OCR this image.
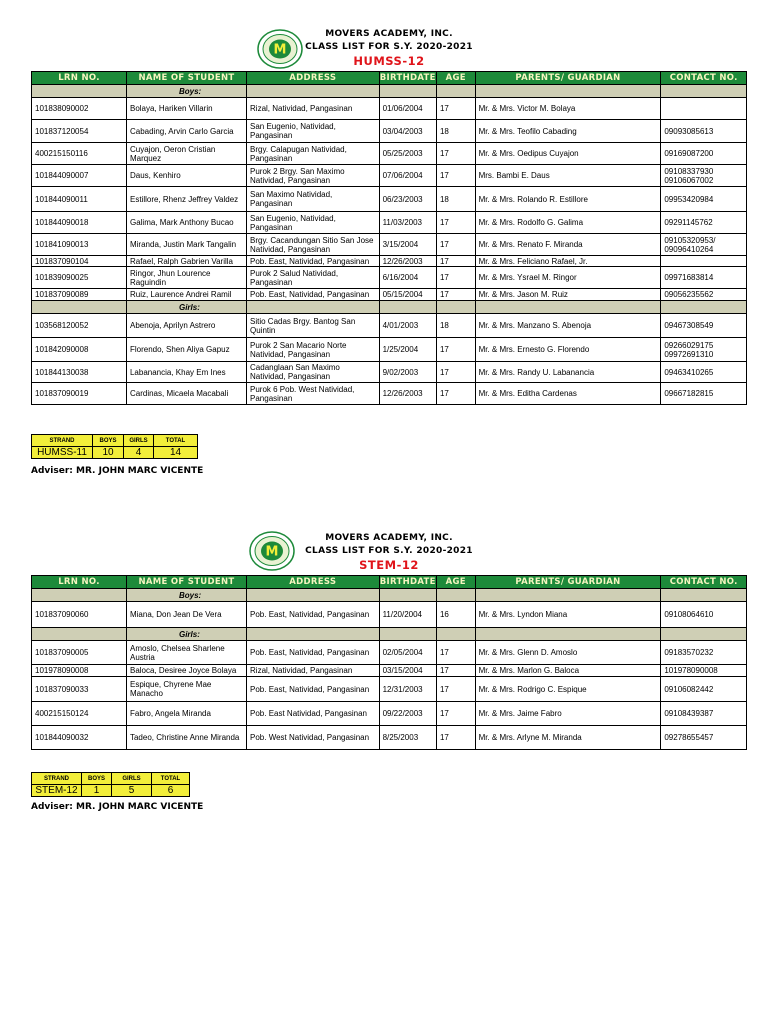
M
MOVERS ACADEMY, INC.
CLASS LIST FOR S.Y. 2020-2021
HUMSS-12
LRN NO.	NAME OF STUDENT	ADDRESS	BIRTHDATE	AGE	PARENTS/ GUARDIAN	CONTACT NO.
	Boys:					
101838090002	Bolaya, Hariken Villarin	Rizal, Natividad, Pangasinan	01/06/2004	17	Mr. & Mrs. Victor M. Bolaya	
101837120054	Cabading, Arvin Carlo Garcia	San Eugenio, Natividad, Pangasinan	03/04/2003	18	Mr. & Mrs. Teofilo Cabading	09093085613
400215150116	Cuyajon, Oeron Cristian Marquez	Brgy. Calapugan Natividad, Pangasinan	05/25/2003	17	Mr. & Mrs. Oedipus Cuyajon	09169087200
101844090007	Daus, Kenhiro	Purok 2 Brgy. San Maximo Natividad, Pangasinan	07/06/2004	17	Mrs. Bambi E. Daus	09108337930 09106067002
101844090011	Estillore, Rhenz Jeffrey Valdez	San Maximo Natividad, Pangasinan	06/23/2003	18	Mr. & Mrs. Rolando R. Estillore	09953420984
101844090018	Galima, Mark Anthony Bucao	San Eugenio, Natividad, Pangasinan	11/03/2003	17	Mr. & Mrs. Rodolfo G. Galima	09291145762
101841090013	Miranda, Justin Mark Tangalin	Brgy. Cacandungan Sitio San Jose Natividad, Pangasinan	3/15/2004	17	Mr. & Mrs. Renato F. Miranda	09105320953/ 09096410264
101837090104	Rafael, Ralph Gabrien Varilla	Pob. East, Natividad, Pangasinan	12/26/2003	17	Mr. & Mrs. Feliciano Rafael, Jr.	
101839090025	Ringor, Jhun Lourence Raguindin	Purok 2 Salud Natividad, Pangasinan	6/16/2004	17	Mr. & Mrs. Ysrael M. Ringor	09971683814
101837090089	Ruiz, Laurence Andrei Ramil	Pob. East, Natividad, Pangasinan	05/15/2004	17	Mr. & Mrs. Jason M. Ruiz	09056235562
	Girls:					
103568120052	Abenoja, Aprilyn Astrero	Sitio Cadas Brgy. Bantog San Quintin	4/01/2003	18	Mr. & Mrs. Manzano S. Abenoja	09467308549
101842090008	Florendo, Shen Aliya Gapuz	Purok 2 San Macario Norte Natividad, Pangasinan	1/25/2004	17	Mr. & Mrs. Ernesto G. Florendo	09266029175 09972691310
101844130038	Labanancia, Khay Em Ines	Cadanglaan San Maximo Natividad, Pangasinan	9/02/2003	17	Mr. & Mrs. Randy U. Labanancia	09463410265
101837090019	Cardinas, Micaela Macabali	Purok 6 Pob. West Natividad, Pangasinan	12/26/2003	17	Mr. & Mrs. Editha Cardenas	09667182815
STRAND	BOYS	GIRLS	TOTAL
HUMSS-11	10	4	14
Adviser: MR. JOHN MARC VICENTE
M
MOVERS ACADEMY, INC.
CLASS LIST FOR S.Y. 2020-2021
STEM-12
LRN NO.	NAME OF STUDENT	ADDRESS	BIRTHDATE	AGE	PARENTS/ GUARDIAN	CONTACT NO.
	Boys:					
101837090060	Miana, Don Jean De Vera	Pob. East, Natividad, Pangasinan	11/20/2004	16	Mr. & Mrs. Lyndon Miana	09108064610
	Girls:					
101837090005	Amoslo, Chelsea Sharlene Austria	Pob. East, Natividad, Pangasinan	02/05/2004	17	Mr. & Mrs. Glenn D. Amoslo	09183570232
101978090008	Baloca, Desiree Joyce Bolaya	Rizal, Natividad, Pangasinan	03/15/2004	17	Mr. & Mrs. Marlon G. Baloca	101978090008
101837090033	Espique, Chyrene Mae Manacho	Pob. East, Natividad, Pangasinan	12/31/2003	17	Mr. & Mrs. Rodrigo C. Espique	09106082442
400215150124	Fabro, Angela Miranda	Pob. East Natividad, Pangasinan	09/22/2003	17	Mr. & Mrs. Jaime Fabro	09108439387
101844090032	Tadeo, Christine Anne Miranda	Pob. West Natividad, Pangasinan	8/25/2003	17	Mr. & Mrs. Arlyne M. Miranda	09278655457
STRAND	BOYS	GIRLS	TOTAL
STEM-12	1	5	6
Adviser: MR. JOHN MARC VICENTE
